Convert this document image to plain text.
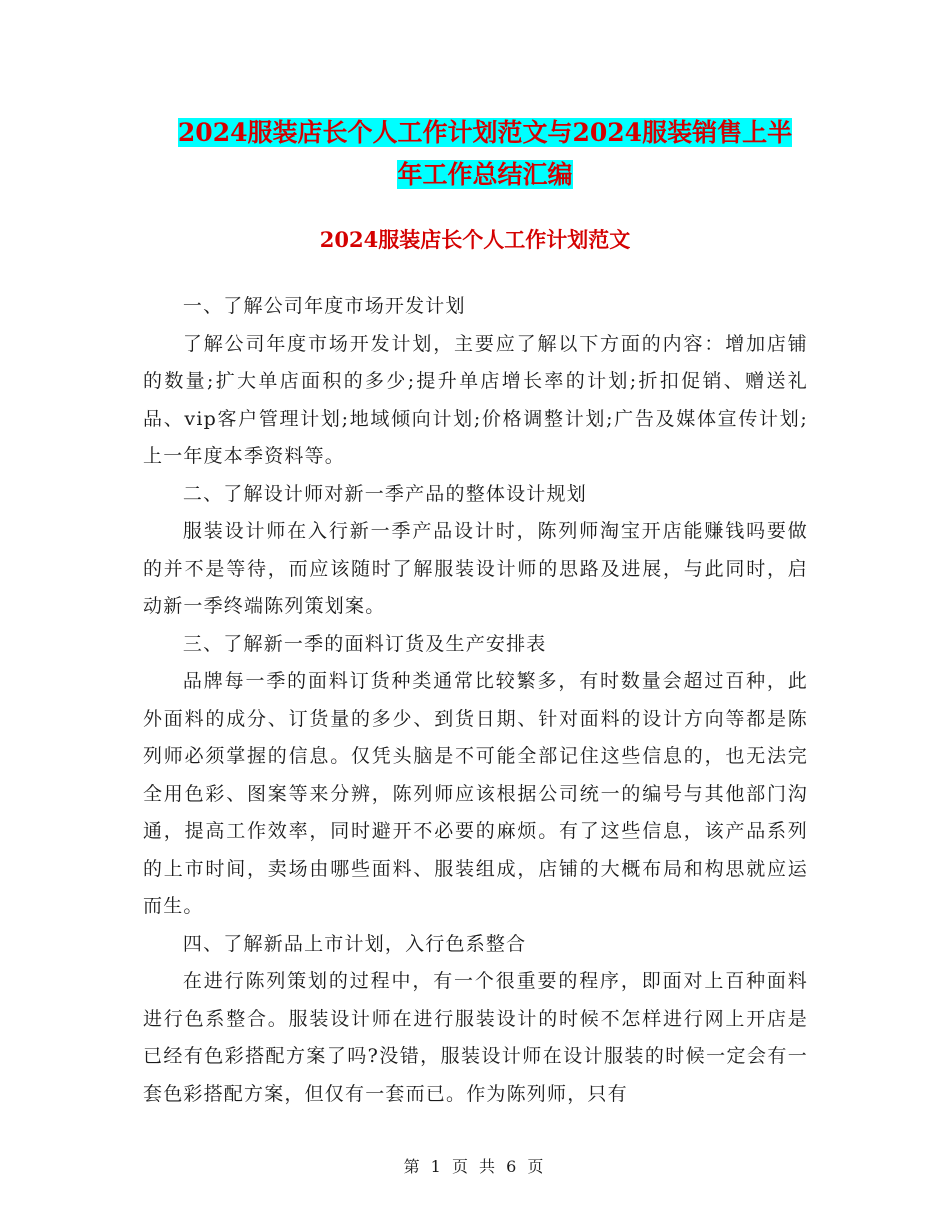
2024服装店长个人工作计划范文与2024服装销售上半
年工作总结汇编
2024服装店长个人工作计划范文

一、了解公司年度市场开发计划

了解公司年度市场开发计划，主要应了解以下方面的内容：增加店铺的数量;扩大单店面积的多少;提升单店增长率的计划;折扣促销、赠送礼品、vip客户管理计划;地域倾向计划;价格调整计划;广告及媒体宣传计划;上一年度本季资料等。

二、了解设计师对新一季产品的整体设计规划

服装设计师在入行新一季产品设计时，陈列师淘宝开店能赚钱吗要做的并不是等待，而应该随时了解服装设计师的思路及进展，与此同时，启动新一季终端陈列策划案。

三、了解新一季的面料订货及生产安排表

品牌每一季的面料订货种类通常比较繁多，有时数量会超过百种，此外面料的成分、订货量的多少、到货日期、针对面料的设计方向等都是陈列师必须掌握的信息。仅凭头脑是不可能全部记住这些信息的，也无法完全用色彩、图案等来分辨，陈列师应该根据公司统一的编号与其他部门沟通，提高工作效率，同时避开不必要的麻烦。有了这些信息，该产品系列的上市时间，卖场由哪些面料、服装组成，店铺的大概布局和构思就应运而生。

四、了解新品上市计划，入行色系整合

在进行陈列策划的过程中，有一个很重要的程序，即面对上百种面料进行色系整合。服装设计师在进行服装设计的时候不怎样进行网上开店是已经有色彩搭配方案了吗?没错，服装设计师在设计服装的时候一定会有一套色彩搭配方案，但仅有一套而已。作为陈列师，只有

第 1 页 共 6 页
